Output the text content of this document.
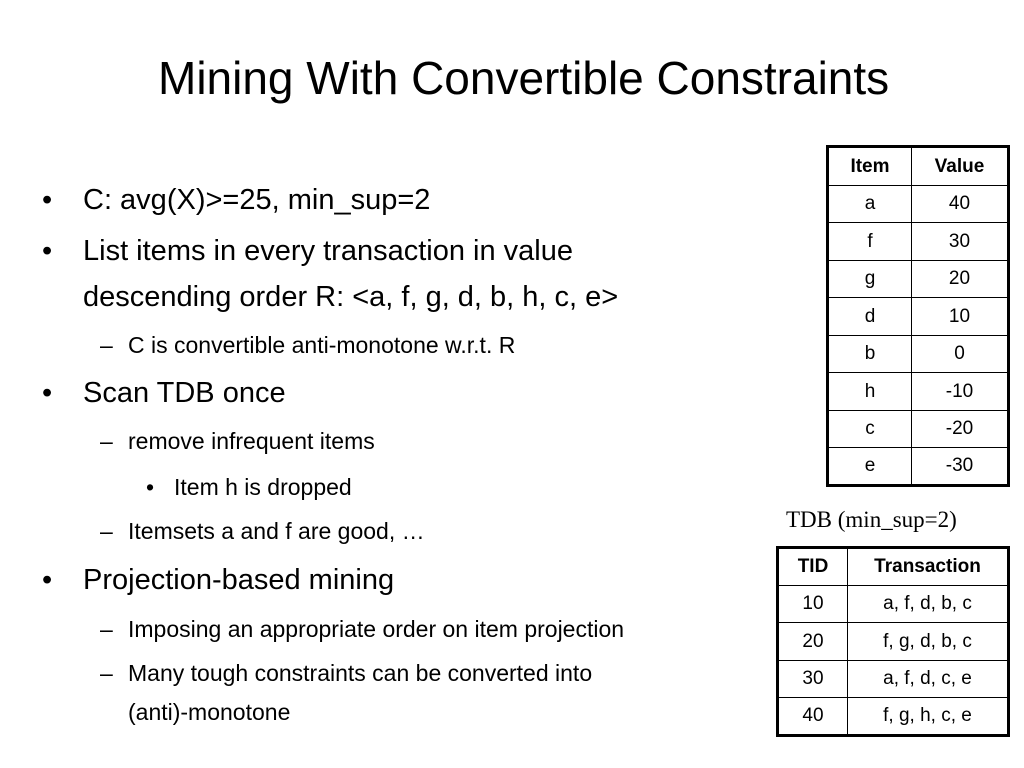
Mining With Convertible Constraints
• C: avg(X)>=25, min_sup=2
• List items in every transaction in value
descending order R: <a, f, g, d, b, h, c, e>
– C is convertible anti-monotone w.r.t. R
• Scan TDB once
– remove infrequent items
• Item h is dropped
– Itemsets a and f are good, …
• Projection-based mining
– Imposing an appropriate order on item projection
– Many tough constraints can be converted into
(anti)-monotone
Item	Value
a	40
f	30
g	20
d	10
b	0
h	-10
c	-20
e	-30
TDB (min_sup=2)
TID	Transaction
10	a, f, d, b, c
20	f, g, d, b, c
30	a, f, d, c, e
40	f, g, h, c, e
